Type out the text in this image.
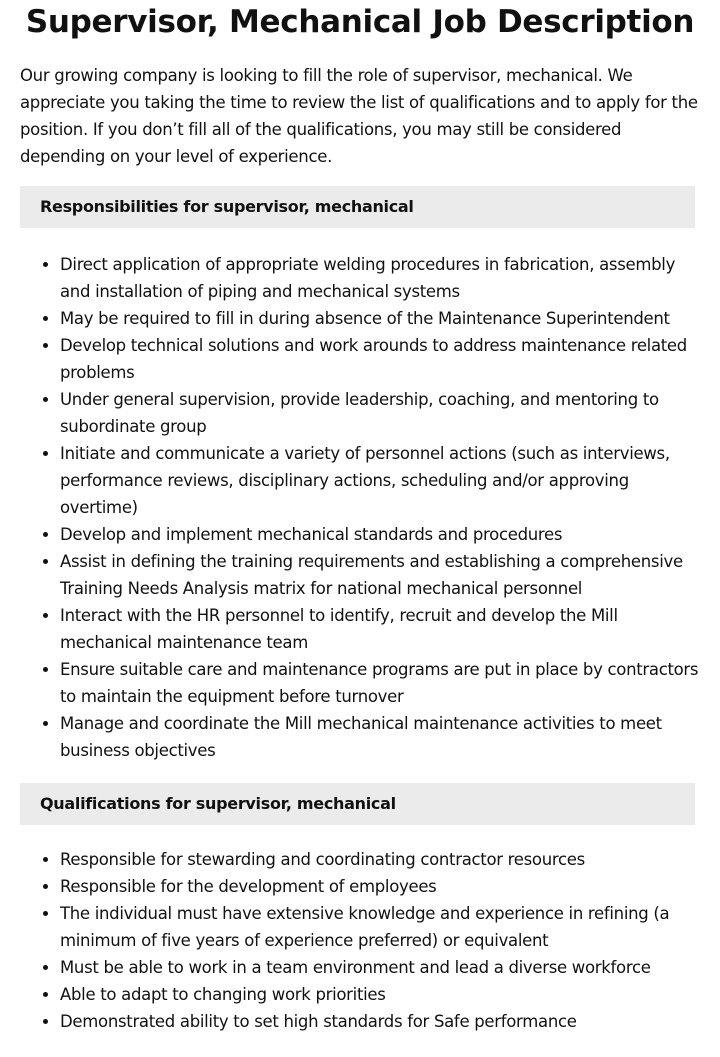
Supervisor, Mechanical Job Description

Our growing company is looking to fill the role of supervisor, mechanical. We appreciate you taking the time to review the list of qualifications and to apply for the position. If you don’t fill all of the qualifications, you may still be considered depending on your level of experience.

Responsibilities for supervisor, mechanical
• Direct application of appropriate welding procedures in fabrication, assembly and installation of piping and mechanical systems
• May be required to fill in during absence of the Maintenance Superintendent
• Develop technical solutions and work arounds to address maintenance related problems
• Under general supervision, provide leadership, coaching, and mentoring to subordinate group
• Initiate and communicate a variety of personnel actions (such as interviews, performance reviews, disciplinary actions, scheduling and/or approving overtime)
• Develop and implement mechanical standards and procedures
• Assist in defining the training requirements and establishing a comprehensive Training Needs Analysis matrix for national mechanical personnel
• Interact with the HR personnel to identify, recruit and develop the Mill mechanical maintenance team
• Ensure suitable care and maintenance programs are put in place by contractors to maintain the equipment before turnover
• Manage and coordinate the Mill mechanical maintenance activities to meet business objectives
Qualifications for supervisor, mechanical
• Responsible for stewarding and coordinating contractor resources
• Responsible for the development of employees
• The individual must have extensive knowledge and experience in refining (a minimum of five years of experience preferred) or equivalent
• Must be able to work in a team environment and lead a diverse workforce
• Able to adapt to changing work priorities
• Demonstrated ability to set high standards for Safe performance
